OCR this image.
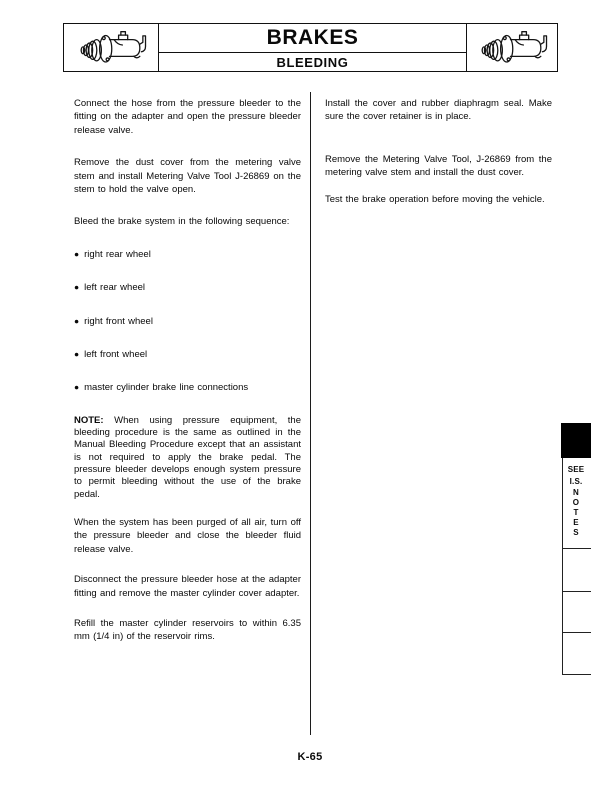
BRAKES
BLEEDING

Connect the hose from the pressure bleeder to the fitting on the adapter and open the pressure bleeder release valve.

Remove the dust cover from the metering valve stem and install Metering Valve Tool J-26869 on the stem to hold the valve open.

Bleed the brake system in the following sequence:

● right rear wheel
● left rear wheel
● right front wheel
● left front wheel
● master cylinder brake line connections

NOTE: When using pressure equipment, the bleeding procedure is the same as outlined in the Manual Bleeding Procedure except that an assistant is not required to apply the brake pedal. The pressure bleeder develops enough system pressure to permit bleeding without the use of the brake pedal.

When the system has been purged of all air, turn off the pressure bleeder and close the bleeder fluid release valve.

Disconnect the pressure bleeder hose at the adapter fitting and remove the master cylinder cover adapter.

Refill the master cylinder reservoirs to within 6.35 mm (1/4 in) of the reservoir rims.

Install the cover and rubber diaphragm seal. Make sure the cover retainer is in place.

Remove the Metering Valve Tool, J-26869 from the metering valve stem and install the dust cover.

Test the brake operation before moving the vehicle.

SEE
I.S.
N
O
T
E
S
K-65
